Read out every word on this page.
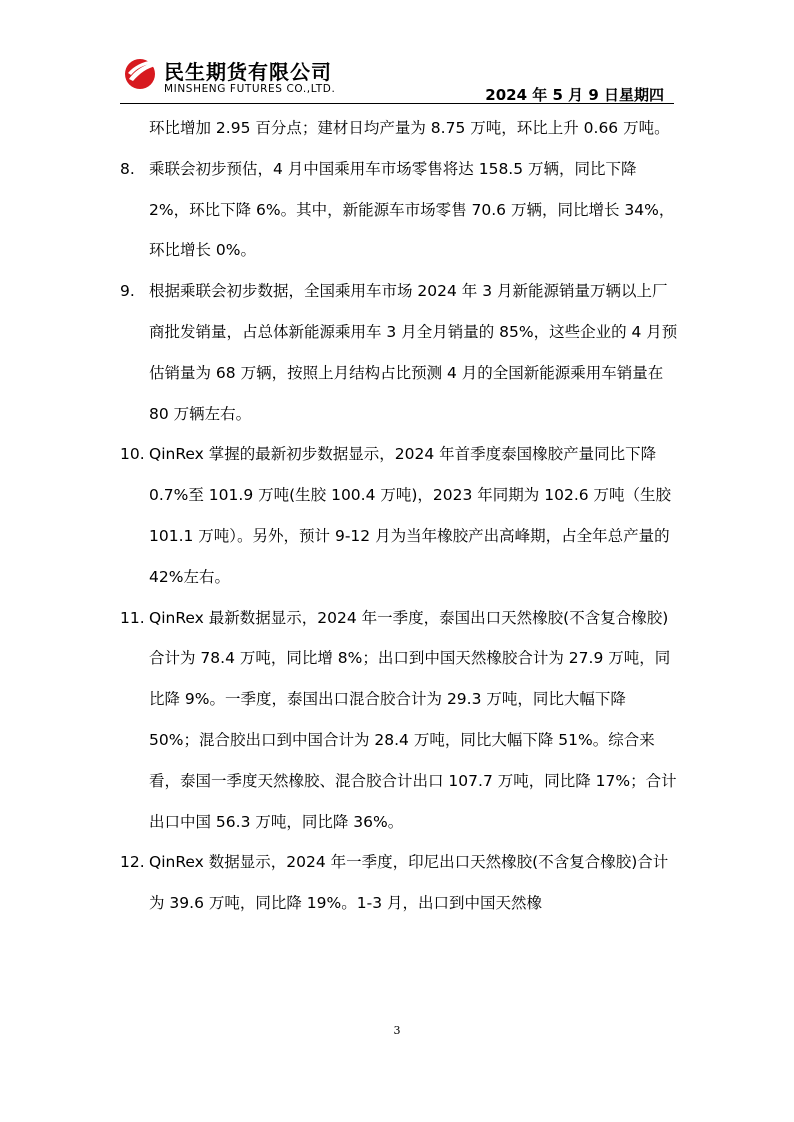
民生期货有限公司
MINSHENG FUTURES CO.,LTD.	2024 年 5 月 9 日星期四

环比增加 2.95 百分点；建材日均产量为 8.75 万吨，环比上升 0.66 万吨。

8. 乘联会初步预估，4 月中国乘用车市场零售将达 158.5 万辆，同比下降 2%，环比下降 6%。其中，新能源车市场零售 70.6 万辆，同比增长 34%，环比增长 0%。

9. 根据乘联会初步数据，全国乘用车市场 2024 年 3 月新能源销量万辆以上厂商批发销量，占总体新能源乘用车 3 月全月销量的 85%，这些企业的 4 月预估销量为 68 万辆，按照上月结构占比预测 4 月的全国新能源乘用车销量在 80 万辆左右。

10. QinRex 掌握的最新初步数据显示，2024 年首季度泰国橡胶产量同比下降 0.7%至 101.9 万吨(生胶 100.4 万吨)，2023 年同期为 102.6 万吨（生胶 101.1 万吨）。另外，预计 9-12 月为当年橡胶产出高峰期，占全年总产量的 42%左右。

11. QinRex 最新数据显示，2024 年一季度，泰国出口天然橡胶(不含复合橡胶)合计为 78.4 万吨，同比增 8%；出口到中国天然橡胶合计为 27.9 万吨，同比降 9%。一季度，泰国出口混合胶合计为 29.3 万吨，同比大幅下降 50%；混合胶出口到中国合计为 28.4 万吨，同比大幅下降 51%。综合来看，泰国一季度天然橡胶、混合胶合计出口 107.7 万吨，同比降 17%；合计出口中国 56.3 万吨，同比降 36%。

12. QinRex 数据显示，2024 年一季度，印尼出口天然橡胶(不含复合橡胶)合计为 39.6 万吨，同比降 19%。1-3 月，出口到中国天然橡

3
